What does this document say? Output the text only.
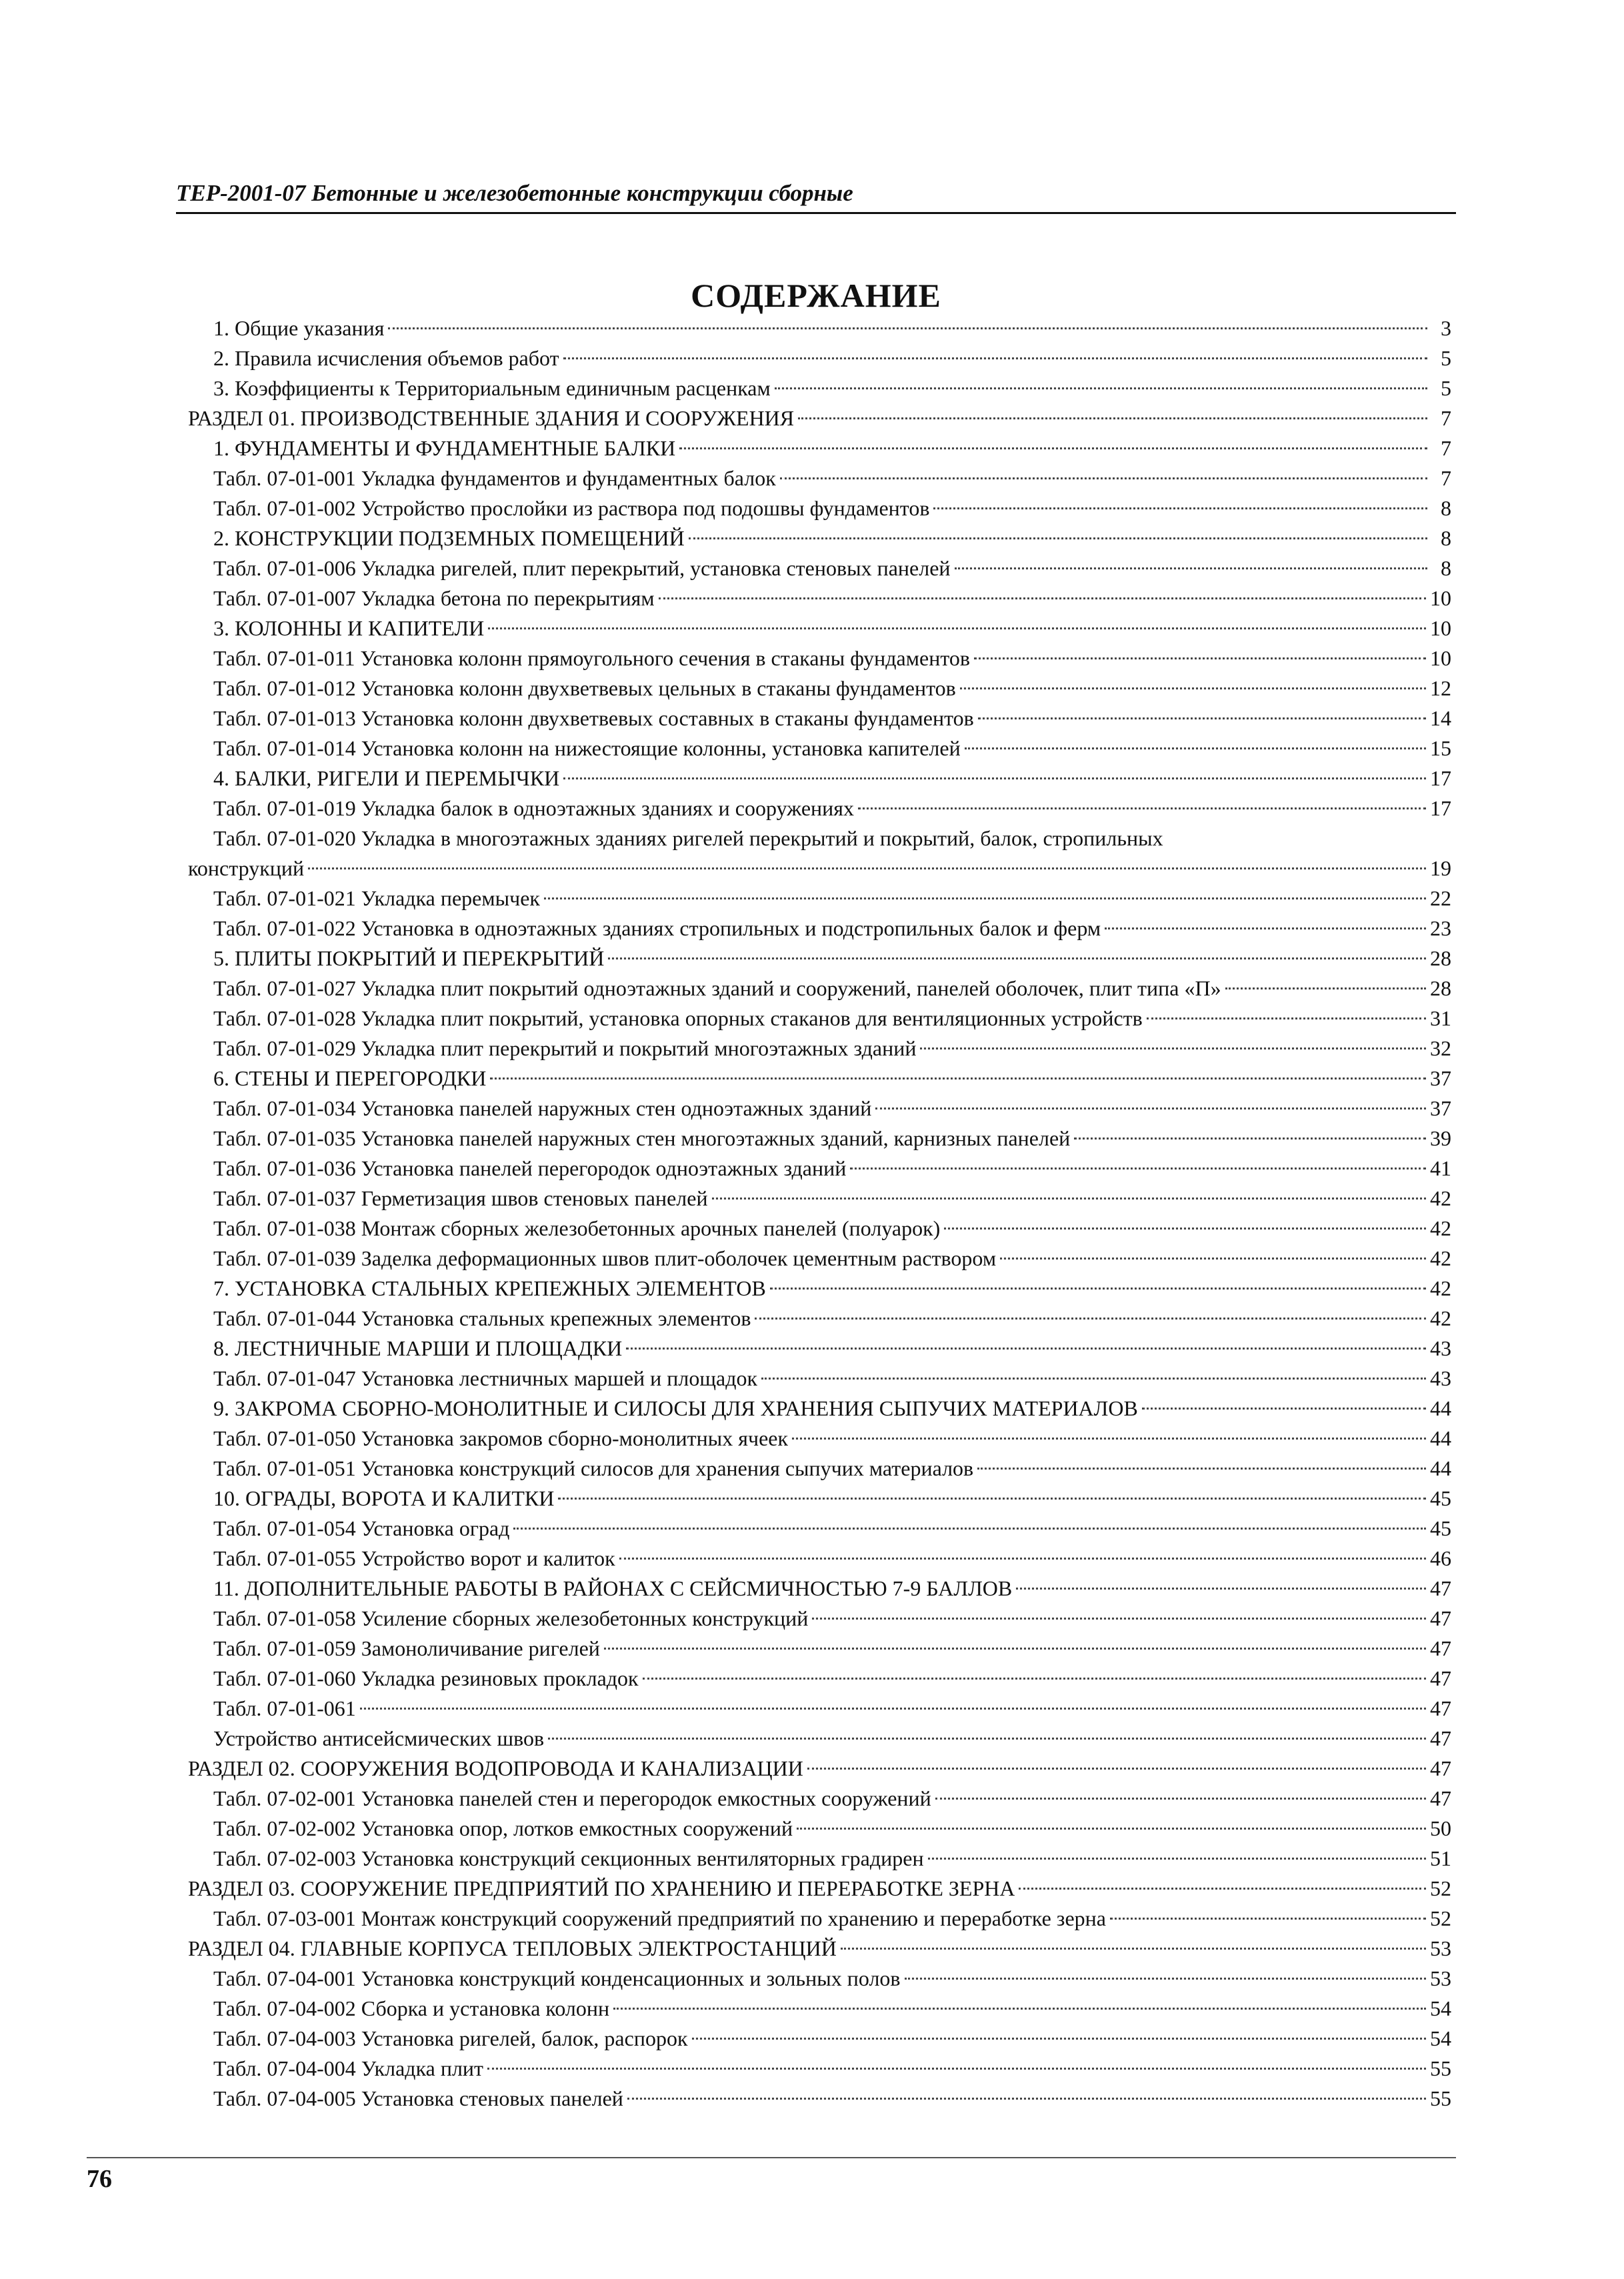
ТЕР-2001-07 Бетонные и железобетонные конструкции сборные
СОДЕРЖАНИЕ
1. Общие указания	3
2. Правила исчисления объемов работ	5
3. Коэффициенты к Территориальным единичным расценкам	5
РАЗДЕЛ 01. ПРОИЗВОДСТВЕННЫЕ ЗДАНИЯ И СООРУЖЕНИЯ	7
1. ФУНДАМЕНТЫ И ФУНДАМЕНТНЫЕ БАЛКИ	7
Табл. 07-01-001 Укладка фундаментов и фундаментных балок	7
Табл. 07-01-002 Устройство прослойки из раствора под подошвы фундаментов	8
2. КОНСТРУКЦИИ ПОДЗЕМНЫХ ПОМЕЩЕНИЙ	8
Табл. 07-01-006 Укладка ригелей, плит перекрытий, установка стеновых панелей	8
Табл. 07-01-007 Укладка бетона по перекрытиям	10
3. КОЛОННЫ И КАПИТЕЛИ	10
Табл. 07-01-011 Установка колонн прямоугольного сечения в стаканы фундаментов	10
Табл. 07-01-012 Установка колонн двухветвевых цельных в стаканы фундаментов	12
Табл. 07-01-013 Установка колонн двухветвевых составных в стаканы фундаментов	14
Табл. 07-01-014 Установка колонн на нижестоящие колонны, установка капителей	15
4. БАЛКИ, РИГЕЛИ И ПЕРЕМЫЧКИ	17
Табл. 07-01-019 Укладка балок в одноэтажных зданиях и сооружениях	17
Табл. 07-01-020 Укладка в многоэтажных зданиях ригелей перекрытий и покрытий, балок, стропильных
конструкций	19
Табл. 07-01-021 Укладка перемычек	22
Табл. 07-01-022 Установка в одноэтажных зданиях стропильных и подстропильных балок и ферм	23
5. ПЛИТЫ ПОКРЫТИЙ И ПЕРЕКРЫТИЙ	28
Табл. 07-01-027 Укладка плит покрытий одноэтажных зданий и сооружений, панелей оболочек, плит типа «П»	28
Табл. 07-01-028 Укладка плит покрытий, установка опорных стаканов для вентиляционных устройств	31
Табл. 07-01-029 Укладка плит перекрытий и покрытий многоэтажных зданий	32
6. СТЕНЫ И ПЕРЕГОРОДКИ	37
Табл. 07-01-034 Установка панелей наружных стен одноэтажных зданий	37
Табл. 07-01-035 Установка панелей наружных стен многоэтажных зданий, карнизных панелей	39
Табл. 07-01-036 Установка панелей перегородок одноэтажных зданий	41
Табл. 07-01-037 Герметизация швов стеновых панелей	42
Табл. 07-01-038 Монтаж сборных железобетонных арочных панелей (полуарок)	42
Табл. 07-01-039 Заделка деформационных швов плит-оболочек цементным раствором	42
7. УСТАНОВКА СТАЛЬНЫХ КРЕПЕЖНЫХ ЭЛЕМЕНТОВ	42
Табл. 07-01-044 Установка стальных крепежных элементов	42
8. ЛЕСТНИЧНЫЕ МАРШИ И ПЛОЩАДКИ	43
Табл. 07-01-047 Установка лестничных маршей и площадок	43
9. ЗАКРОМА СБОРНО-МОНОЛИТНЫЕ И СИЛОСЫ ДЛЯ ХРАНЕНИЯ СЫПУЧИХ МАТЕРИАЛОВ	44
Табл. 07-01-050 Установка закромов сборно-монолитных ячеек	44
Табл. 07-01-051 Установка конструкций силосов для хранения сыпучих материалов	44
10. ОГРАДЫ, ВОРОТА И КАЛИТКИ	45
Табл. 07-01-054 Установка оград	45
Табл. 07-01-055 Устройство ворот и калиток	46
11. ДОПОЛНИТЕЛЬНЫЕ РАБОТЫ В РАЙОНАХ С СЕЙСМИЧНОСТЬЮ 7-9 БАЛЛОВ	47
Табл. 07-01-058 Усиление сборных железобетонных конструкций	47
Табл. 07-01-059 Замоноличивание ригелей	47
Табл. 07-01-060 Укладка резиновых прокладок	47
Табл. 07-01-061	47
Устройство антисейсмических швов	47
РАЗДЕЛ 02. СООРУЖЕНИЯ ВОДОПРОВОДА И КАНАЛИЗАЦИИ	47
Табл. 07-02-001 Установка панелей стен и перегородок емкостных сооружений	47
Табл. 07-02-002 Установка опор, лотков емкостных сооружений	50
Табл. 07-02-003 Установка конструкций секционных вентиляторных градирен	51
РАЗДЕЛ 03. СООРУЖЕНИЕ ПРЕДПРИЯТИЙ ПО ХРАНЕНИЮ И ПЕРЕРАБОТКЕ ЗЕРНА	52
Табл. 07-03-001 Монтаж конструкций сооружений предприятий по хранению и переработке зерна	52
РАЗДЕЛ 04. ГЛАВНЫЕ КОРПУСА ТЕПЛОВЫХ ЭЛЕКТРОСТАНЦИЙ	53
Табл. 07-04-001 Установка конструкций конденсационных и зольных полов	53
Табл. 07-04-002 Сборка и установка колонн	54
Табл. 07-04-003 Установка ригелей, балок, распорок	54
Табл. 07-04-004 Укладка плит	55
Табл. 07-04-005 Установка стеновых панелей	55
76
